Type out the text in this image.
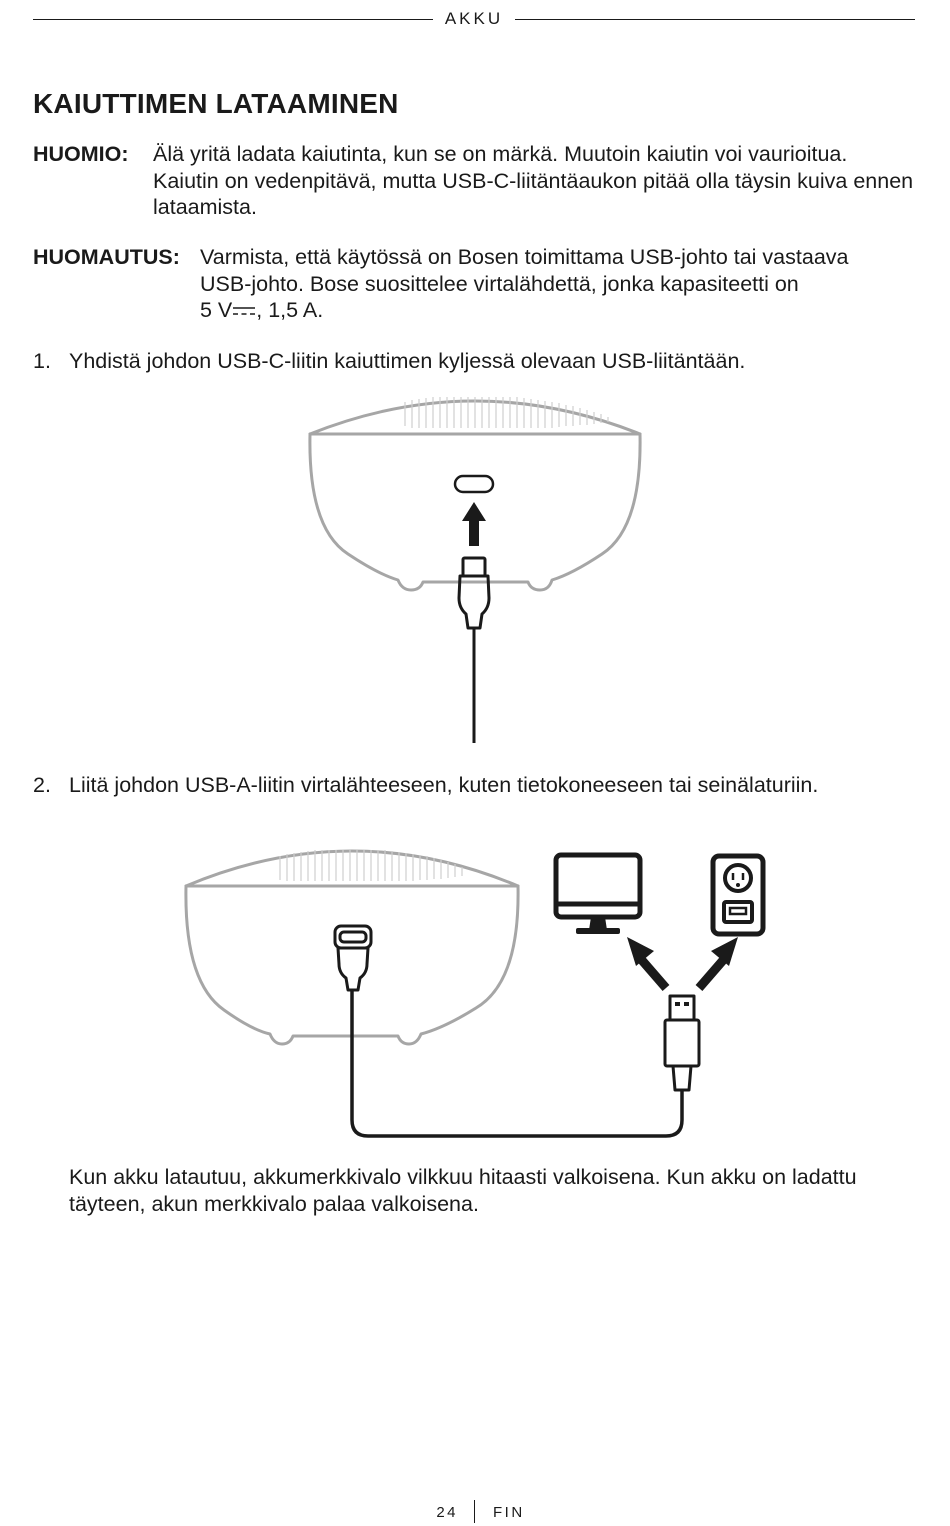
AKKU
KAIUTTIMEN LATAAMINEN
HUOMIO:	Älä yritä ladata kaiutinta, kun se on märkä. Muutoin kaiutin voi vaurioitua. Kaiutin on vedenpitävä, mutta USB-C-liitäntäaukon pitää olla täysin kuiva ennen lataamista.
HUOMAUTUS: Varmista, että käytössä on Bosen toimittama USB-johto tai vastaava USB-johto. Bose suosittelee virtalähdettä, jonka kapasiteetti on
5 V , 1,5 A.
1. Yhdistä johdon USB-C-liitin kaiuttimen kyljessä olevaan USB-liitäntään.
2. Liitä johdon USB-A-liitin virtalähteeseen, kuten tietokoneeseen tai seinälaturiin.
Kun akku latautuu, akkumerkkivalo vilkkuu hitaasti valkoisena. Kun akku on ladattu täyteen, akun merkkivalo palaa valkoisena.
24 FIN
